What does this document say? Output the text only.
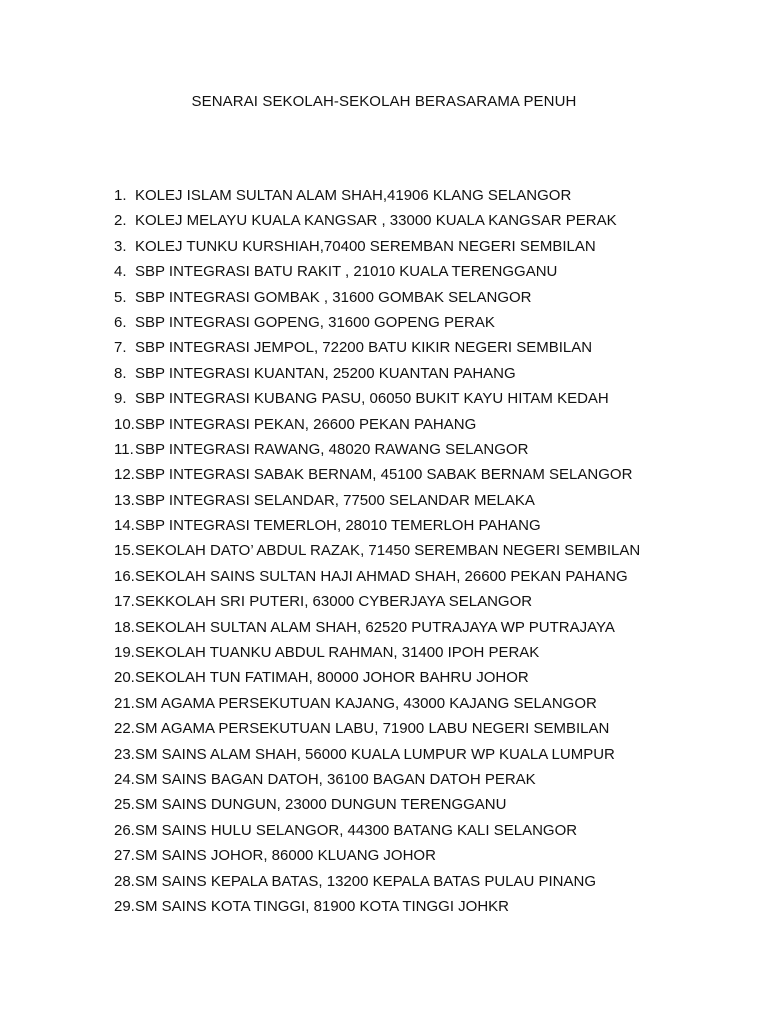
SENARAI SEKOLAH-SEKOLAH BERASARAMA PENUH
1. KOLEJ ISLAM SULTAN ALAM SHAH,41906 KLANG SELANGOR
2. KOLEJ MELAYU KUALA KANGSAR , 33000 KUALA KANGSAR PERAK
3. KOLEJ TUNKU KURSHIAH,70400 SEREMBAN NEGERI SEMBILAN
4. SBP INTEGRASI BATU RAKIT , 21010 KUALA TERENGGANU
5. SBP INTEGRASI GOMBAK , 31600 GOMBAK SELANGOR
6. SBP INTEGRASI GOPENG, 31600 GOPENG PERAK
7. SBP INTEGRASI JEMPOL, 72200 BATU KIKIR NEGERI SEMBILAN
8. SBP INTEGRASI KUANTAN, 25200 KUANTAN PAHANG
9. SBP INTEGRASI KUBANG PASU, 06050 BUKIT KAYU HITAM KEDAH
10. SBP INTEGRASI PEKAN, 26600 PEKAN PAHANG
11. SBP INTEGRASI RAWANG, 48020 RAWANG SELANGOR
12. SBP INTEGRASI SABAK BERNAM, 45100 SABAK BERNAM SELANGOR
13. SBP INTEGRASI SELANDAR, 77500 SELANDAR MELAKA
14. SBP INTEGRASI TEMERLOH, 28010 TEMERLOH PAHANG
15. SEKOLAH DATO’ ABDUL RAZAK, 71450 SEREMBAN NEGERI SEMBILAN
16. SEKOLAH SAINS SULTAN HAJI AHMAD SHAH, 26600 PEKAN PAHANG
17. SEKKOLAH SRI PUTERI, 63000 CYBERJAYA SELANGOR
18. SEKOLAH SULTAN ALAM SHAH, 62520 PUTRAJAYA WP PUTRAJAYA
19. SEKOLAH TUANKU ABDUL RAHMAN, 31400 IPOH PERAK
20. SEKOLAH TUN FATIMAH, 80000 JOHOR BAHRU JOHOR
21. SM AGAMA PERSEKUTUAN KAJANG, 43000 KAJANG SELANGOR
22. SM AGAMA PERSEKUTUAN LABU, 71900 LABU NEGERI SEMBILAN
23. SM SAINS ALAM SHAH, 56000 KUALA LUMPUR WP KUALA LUMPUR
24. SM SAINS BAGAN DATOH, 36100 BAGAN DATOH PERAK
25. SM SAINS DUNGUN, 23000 DUNGUN TERENGGANU
26. SM SAINS HULU SELANGOR, 44300 BATANG KALI SELANGOR
27. SM SAINS JOHOR, 86000 KLUANG JOHOR
28. SM SAINS KEPALA BATAS, 13200 KEPALA BATAS PULAU PINANG
29. SM SAINS KOTA TINGGI, 81900 KOTA TINGGI JOHKR
